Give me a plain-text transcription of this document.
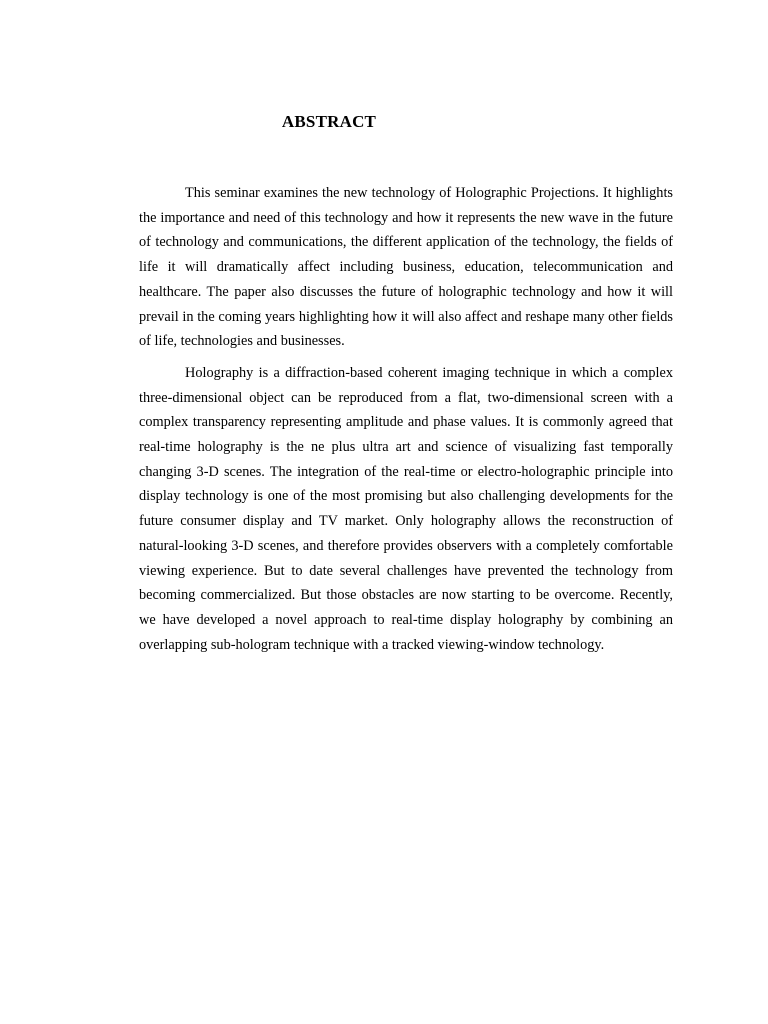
ABSTRACT

This seminar examines the new technology of Holographic Projections. It highlights the importance and need of this technology and how it represents the new wave in the future of technology and communications, the different application of the technology, the fields of life it will dramatically affect including business, education, telecommunication and healthcare. The paper also discusses the future of holographic technology and how it will prevail in the coming years highlighting how it will also affect and reshape many other fields of life, technologies and businesses.

Holography is a diffraction-based coherent imaging technique in which a complex three-dimensional object can be reproduced from a flat, two-dimensional screen with a complex transparency representing amplitude and phase values. It is commonly agreed that real-time holography is the ne plus ultra art and science of visualizing fast temporally changing 3-D scenes. The integration of the real-time or electro-holographic principle into display technology is one of the most promising but also challenging developments for the future consumer display and TV market. Only holography allows the reconstruction of natural-looking 3-D scenes, and therefore provides observers with a completely comfortable viewing experience. But to date several challenges have prevented the technology from becoming commercialized. But those obstacles are now starting to be overcome. Recently, we have developed a novel approach to real-time display holography by combining an overlapping sub-hologram technique with a tracked viewing-window technology.
